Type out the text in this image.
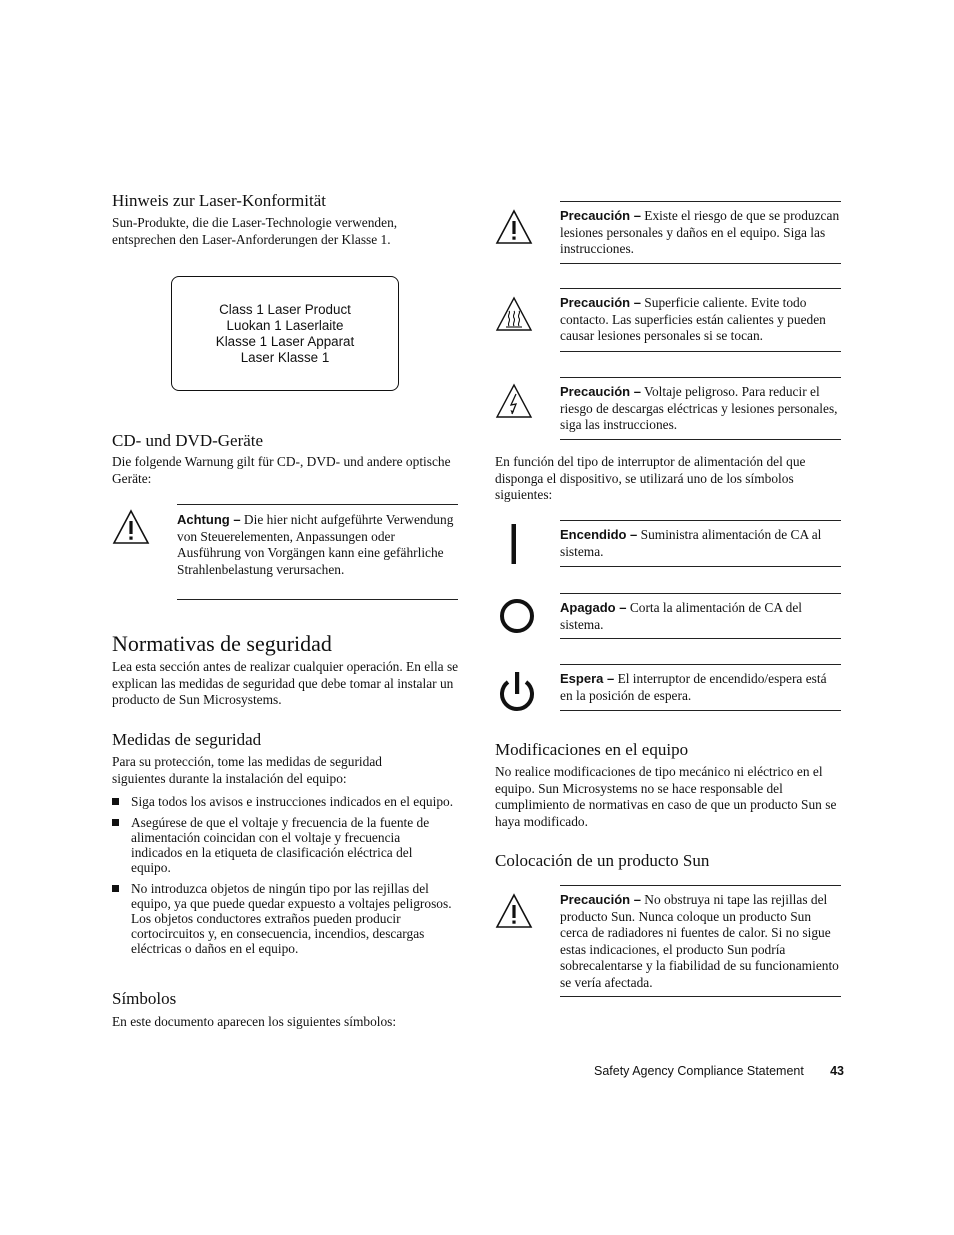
Hinweis zur Laser-Konformität

Sun-Produkte, die die Laser-Technologie verwenden, entsprechen den Laser-Anforderungen der Klasse 1.

Class 1 Laser Product
Luokan 1 Laserlaite
Klasse 1 Laser Apparat
Laser Klasse 1
CD- und DVD-Geräte

Die folgende Warnung gilt für CD-, DVD- und andere optische Geräte:

Achtung – Die hier nicht aufgeführte Verwendung von Steuerelementen, Anpassungen oder Ausführung von Vorgängen kann eine gefährliche Strahlenbelastung verursachen.

Normativas de seguridad

Lea esta sección antes de realizar cualquier operación. En ella se explican las medidas de seguridad que debe tomar al instalar un producto de Sun Microsystems.

Medidas de seguridad

Para su protección, tome las medidas de seguridad siguientes durante la instalación del equipo:

Siga todos los avisos e instrucciones indicados en el equipo.
Asegúrese de que el voltaje y frecuencia de la fuente de alimentación coincidan con el voltaje y frecuencia indicados en la etiqueta de clasificación eléctrica del equipo.
No introduzca objetos de ningún tipo por las rejillas del equipo, ya que puede quedar expuesto a voltajes peligrosos. Los objetos conductores extraños pueden producir cortocircuitos y, en consecuencia, incendios, descargas eléctricas o daños en el equipo.
Símbolos

En este documento aparecen los siguientes símbolos:

Precaución – Existe el riesgo de que se produzcan lesiones personales y daños en el equipo. Siga las instrucciones.

Precaución – Superficie caliente. Evite todo contacto. Las superficies están calientes y pueden causar lesiones personales si se tocan.

Precaución – Voltaje peligroso. Para reducir el riesgo de descargas eléctricas y lesiones personales, siga las instrucciones.

En función del tipo de interruptor de alimentación del que disponga el dispositivo, se utilizará uno de los símbolos siguientes:

Encendido – Suministra alimentación de CA al sistema.

Apagado – Corta la alimentación de CA del sistema.

Espera – El interruptor de encendido/espera está en la posición de espera.

Modificaciones en el equipo

No realice modificaciones de tipo mecánico ni eléctrico en el equipo. Sun Microsystems no se hace responsable del cumplimiento de normativas en caso de que un producto Sun se haya modificado.

Colocación de un producto Sun

Precaución – No obstruya ni tape las rejillas del producto Sun. Nunca coloque un producto Sun cerca de radiadores ni fuentes de calor. Si no sigue estas indicaciones, el producto Sun podría sobrecalentarse y la fiabilidad de su funcionamiento se vería afectada.

Safety Agency Compliance Statement 43
